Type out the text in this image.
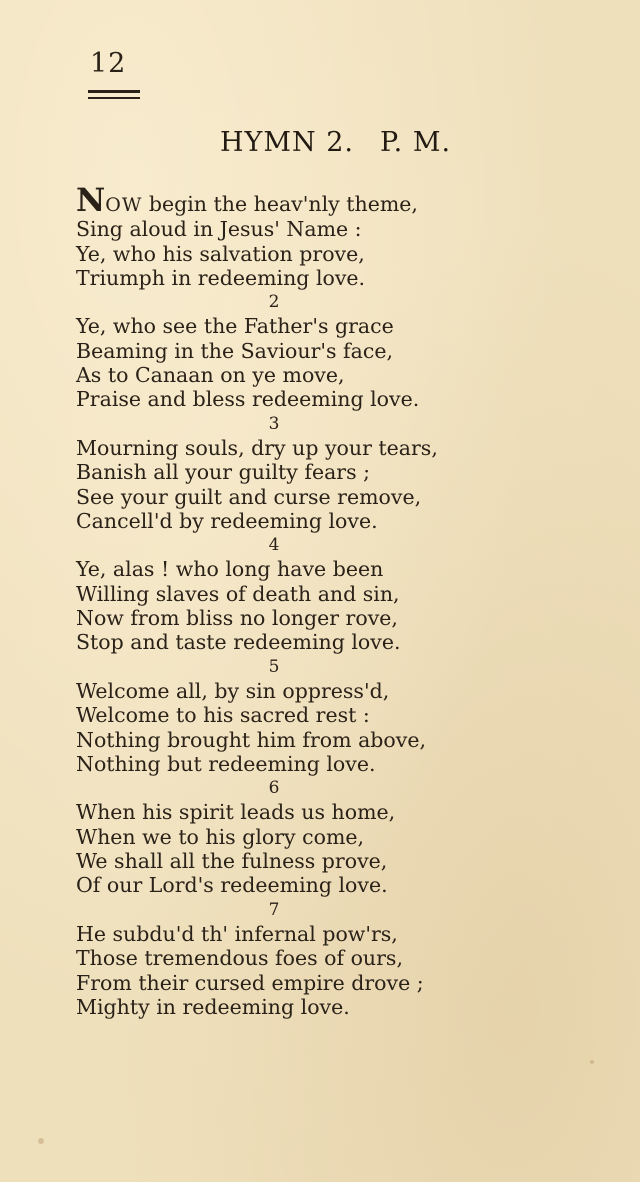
12
HYMN 2. P. M.
NOW begin the heav'nly theme,
Sing aloud in Jesus' Name :
Ye, who his salvation prove,
Triumph in redeeming love.
2
Ye, who see the Father's grace
Beaming in the Saviour's face,
As to Canaan on ye move,
Praise and bless redeeming love.
3
Mourning souls, dry up your tears,
Banish all your guilty fears ;
See your guilt and curse remove,
Cancell'd by redeeming love.
4
Ye, alas ! who long have been
Willing slaves of death and sin,
Now from bliss no longer rove,
Stop and taste redeeming love.
5
Welcome all, by sin oppress'd,
Welcome to his sacred rest :
Nothing brought him from above,
Nothing but redeeming love.
6
When his spirit leads us home,
When we to his glory come,
We shall all the fulness prove,
Of our Lord's redeeming love.
7
He subdu'd th' infernal pow'rs,
Those tremendous foes of ours,
From their cursed empire drove ;
Mighty in redeeming love.
